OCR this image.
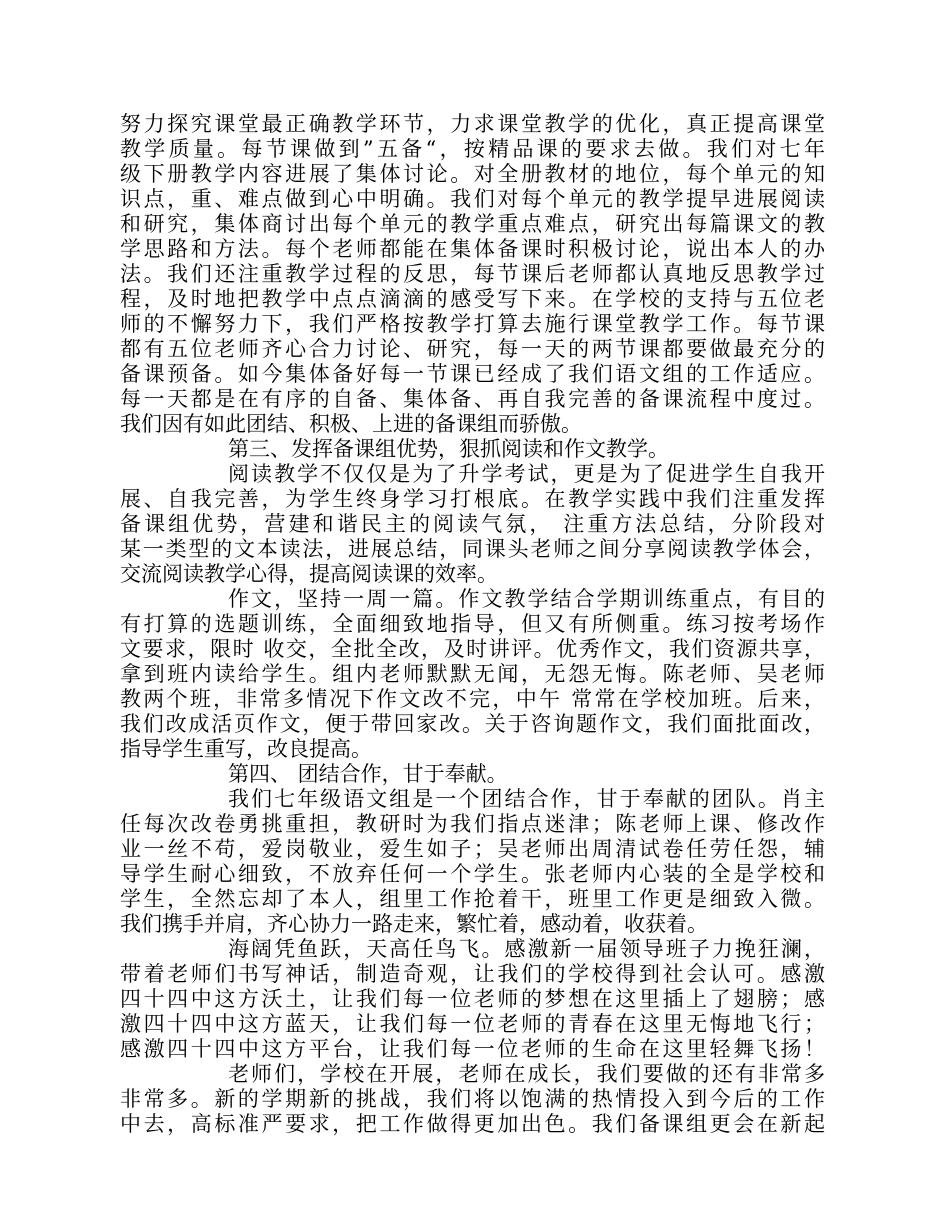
努力探究课堂最正确教学环节，力求课堂教学的优化，真正提高课堂
教学质量。每节课做到”五备“，按精品课的要求去做。我们对七年
级下册教学内容进展了集体讨论。对全册教材的地位，每个单元的知
识点，重、难点做到心中明确。我们对每个单元的教学提早进展阅读
和研究，集体商讨出每个单元的教学重点难点，研究出每篇课文的教
学思路和方法。每个老师都能在集体备课时积极讨论，说出本人的办
法。我们还注重教学过程的反思，每节课后老师都认真地反思教学过
程，及时地把教学中点点滴滴的感受写下来。在学校的支持与五位老
师的不懈努力下，我们严格按教学打算去施行课堂教学工作。每节课
都有五位老师齐心合力讨论、研究，每一天的两节课都要做最充分的
备课预备。如今集体备好每一节课已经成了我们语文组的工作适应。
每一天都是在有序的自备、集体备、再自我完善的备课流程中度过。
我们因有如此团结、积极、上进的备课组而骄傲。
第三、发挥备课组优势，狠抓阅读和作文教学。
阅读教学不仅仅是为了升学考试，更是为了促进学生自我开
展、自我完善，为学生终身学习打根底。在教学实践中我们注重发挥
备课组优势，营建和谐民主的阅读气氛， 注重方法总结，分阶段对
某一类型的文本读法，进展总结，同课头老师之间分享阅读教学体会，
交流阅读教学心得，提高阅读课的效率。
作文，坚持一周一篇。作文教学结合学期训练重点，有目的
有打算的选题训练，全面细致地指导，但又有所侧重。练习按考场作
文要求，限时 收交，全批全改，及时讲评。优秀作文，我们资源共享，
拿到班内读给学生。组内老师默默无闻，无怨无悔。陈老师、吴老师
教两个班，非常多情况下作文改不完，中午 常常在学校加班。后来，
我们改成活页作文，便于带回家改。关于咨询题作文，我们面批面改，
指导学生重写，改良提高。
第四、 团结合作，甘于奉献。
我们七年级语文组是一个团结合作，甘于奉献的团队。肖主
任每次改卷勇挑重担，教研时为我们指点迷津；陈老师上课、修改作
业一丝不苟，爱岗敬业，爱生如子；吴老师出周清试卷任劳任怨，辅
导学生耐心细致，不放弃任何一个学生。张老师内心装的全是学校和
学生，全然忘却了本人，组里工作抢着干，班里工作更是细致入微。
我们携手并肩，齐心协力一路走来，繁忙着，感动着，收获着。
海阔凭鱼跃，天高任鸟飞。感激新一届领导班子力挽狂澜，
带着老师们书写神话，制造奇观，让我们的学校得到社会认可。感激
四十四中这方沃土，让我们每一位老师的梦想在这里插上了翅膀；感
激四十四中这方蓝天，让我们每一位老师的青春在这里无悔地飞行；
感激四十四中这方平台，让我们每一位老师的生命在这里轻舞飞扬！
老师们，学校在开展，老师在成长，我们要做的还有非常多
非常多。新的学期新的挑战，我们将以饱满的热情投入到今后的工作
中去，高标准严要求，把工作做得更加出色。我们备课组更会在新起
